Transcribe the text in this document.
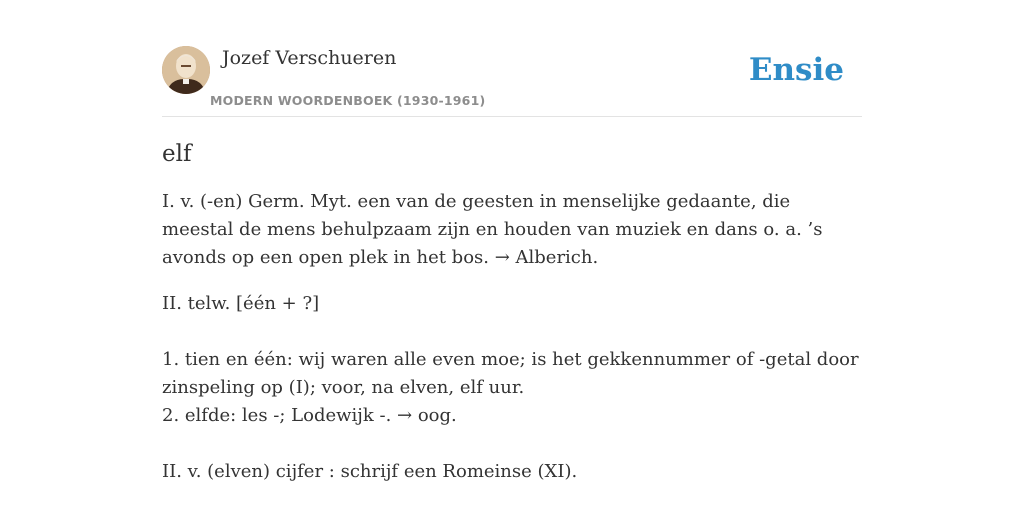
Jozef Verschueren
MODERN WOORDENBOEK (1930-1961)
Ensie
elf

I. v. (-en) Germ. Myt. een van de geesten in menselijke gedaante, die meestal de mens behulpzaam zijn en houden van muziek en dans o. a. ’s avonds op een open plek in het bos. → Alberich.

II. telw. [één + ?]

1. tien en één: wij waren alle even moe; is het gekkennummer of -getal door zinspeling op (I); voor, na elven, elf uur.
2. elfde: les -; Lodewijk -. → oog.

II. v. (elven) cijfer : schrijf een Romeinse (XI).
